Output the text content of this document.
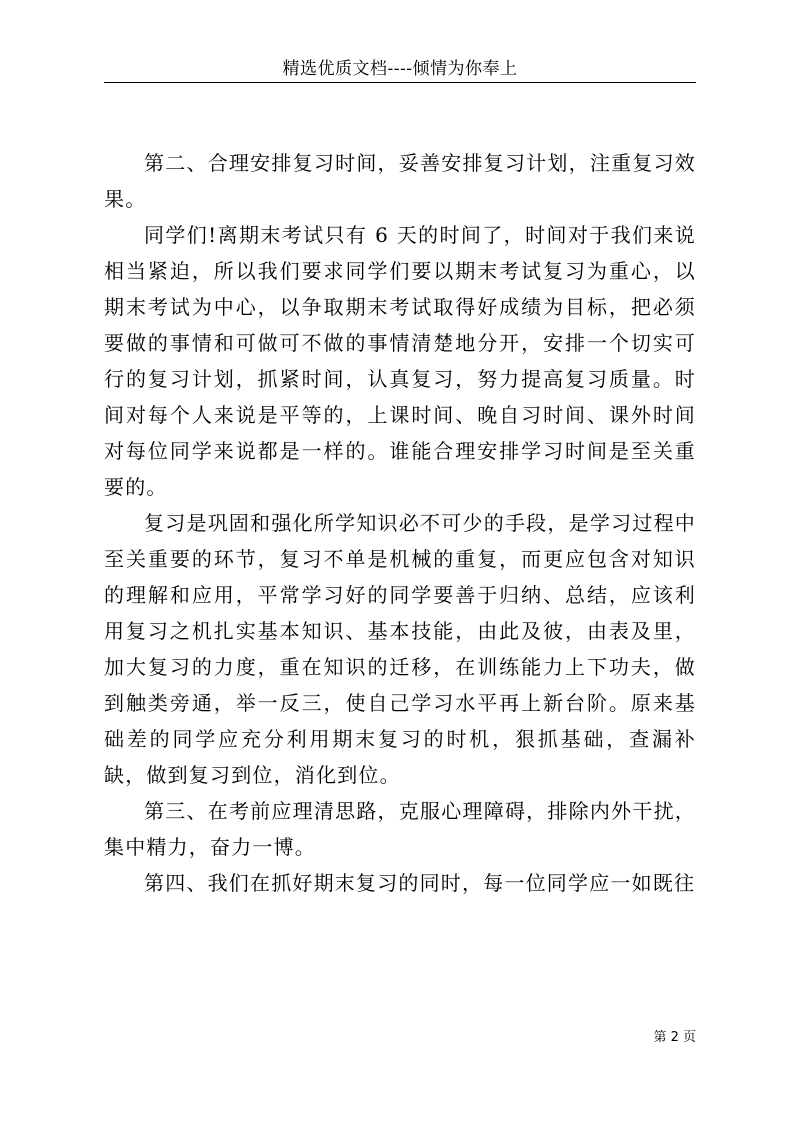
精选优质文档----倾情为你奉上

第二、合理安排复习时间，妥善安排复习计划，注重复习效果。

同学们!离期末考试只有 6 天的时间了，时间对于我们来说相当紧迫，所以我们要求同学们要以期末考试复习为重心，以期末考试为中心，以争取期末考试取得好成绩为目标，把必须要做的事情和可做可不做的事情清楚地分开，安排一个切实可行的复习计划，抓紧时间，认真复习，努力提高复习质量。时间对每个人来说是平等的，上课时间、晚自习时间、课外时间对每位同学来说都是一样的。谁能合理安排学习时间是至关重要的。

复习是巩固和强化所学知识必不可少的手段，是学习过程中至关重要的环节，复习不单是机械的重复，而更应包含对知识的理解和应用，平常学习好的同学要善于归纳、总结，应该利用复习之机扎实基本知识、基本技能，由此及彼，由表及里，加大复习的力度，重在知识的迁移，在训练能力上下功夫，做到触类旁通，举一反三，使自己学习水平再上新台阶。原来基础差的同学应充分利用期末复习的时机，狠抓基础，查漏补缺，做到复习到位，消化到位。

第三、在考前应理清思路，克服心理障碍，排除内外干扰，集中精力，奋力一博。

第四、我们在抓好期末复习的同时，每一位同学应一如既往

第 2 页
